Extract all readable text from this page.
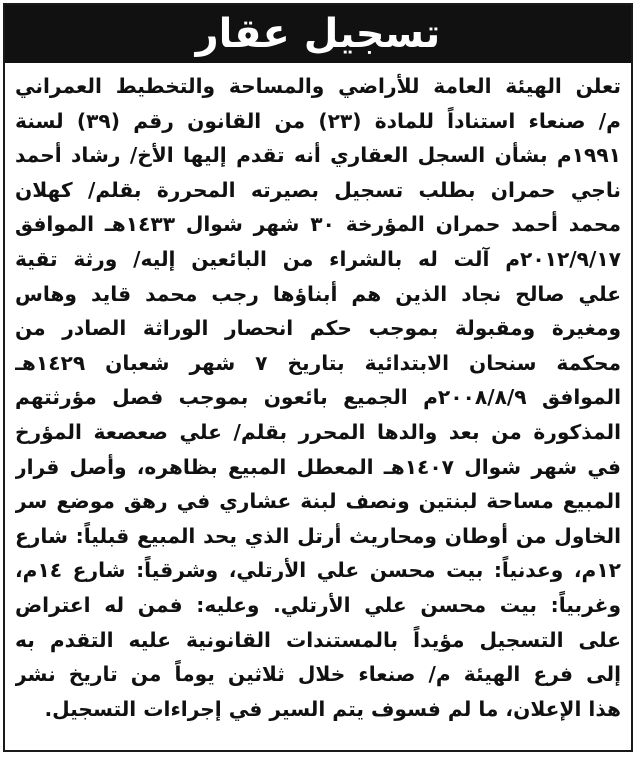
تسجيل عقار
تعلن الهيئة العامة للأراضي والمساحة والتخطيط العمراني
م/ صنعاء استناداً للمادة (٢٣) من القانون رقم (٣٩) لسنة
١٩٩١م بشأن السجل العقاري أنه تقدم إليها الأخ/ رشاد أحمد
ناجي حمران بطلب تسجيل بصيرته المحررة بقلم/ كهلان
محمد أحمد حمران المؤرخة ٣٠ شهر شوال ١٤٣٣هـ الموافق
٢٠١٢/٩/١٧م آلت له بالشراء من البائعين إليه/ ورثة تقية
علي صالح نجاد الذين هم أبناؤها رجب محمد قايد وهاس
ومغيرة ومقبولة بموجب حكم انحصار الوراثة الصادر من
محكمة سنحان الابتدائية بتاريخ ٧ شهر شعبان ١٤٢٩هـ
الموافق ٢٠٠٨/٨/٩م الجميع بائعون بموجب فصل مؤرثتهم
المذكورة من بعد والدها المحرر بقلم/ علي صعصعة المؤرخ
في شهر شوال ١٤٠٧هـ المعطل المبيع بظاهره، وأصل قرار
المبيع مساحة لبنتين ونصف لبنة عشاري في رهق موضع سر
الخاول من أوطان ومحاريث أرتل الذي يحد المبيع قبلياً: شارع
١٢م، وعدنياً: بيت محسن علي الأرتلي، وشرقياً: شارع ١٤م،
وغربياً: بيت محسن علي الأرتلي. وعليه: فمن له اعتراض
على التسجيل مؤيداً بالمستندات القانونية عليه التقدم به
إلى فرع الهيئة م/ صنعاء خلال ثلاثين يوماً من تاريخ نشر
هذا الإعلان، ما لم فسوف يتم السير في إجراءات التسجيل.
